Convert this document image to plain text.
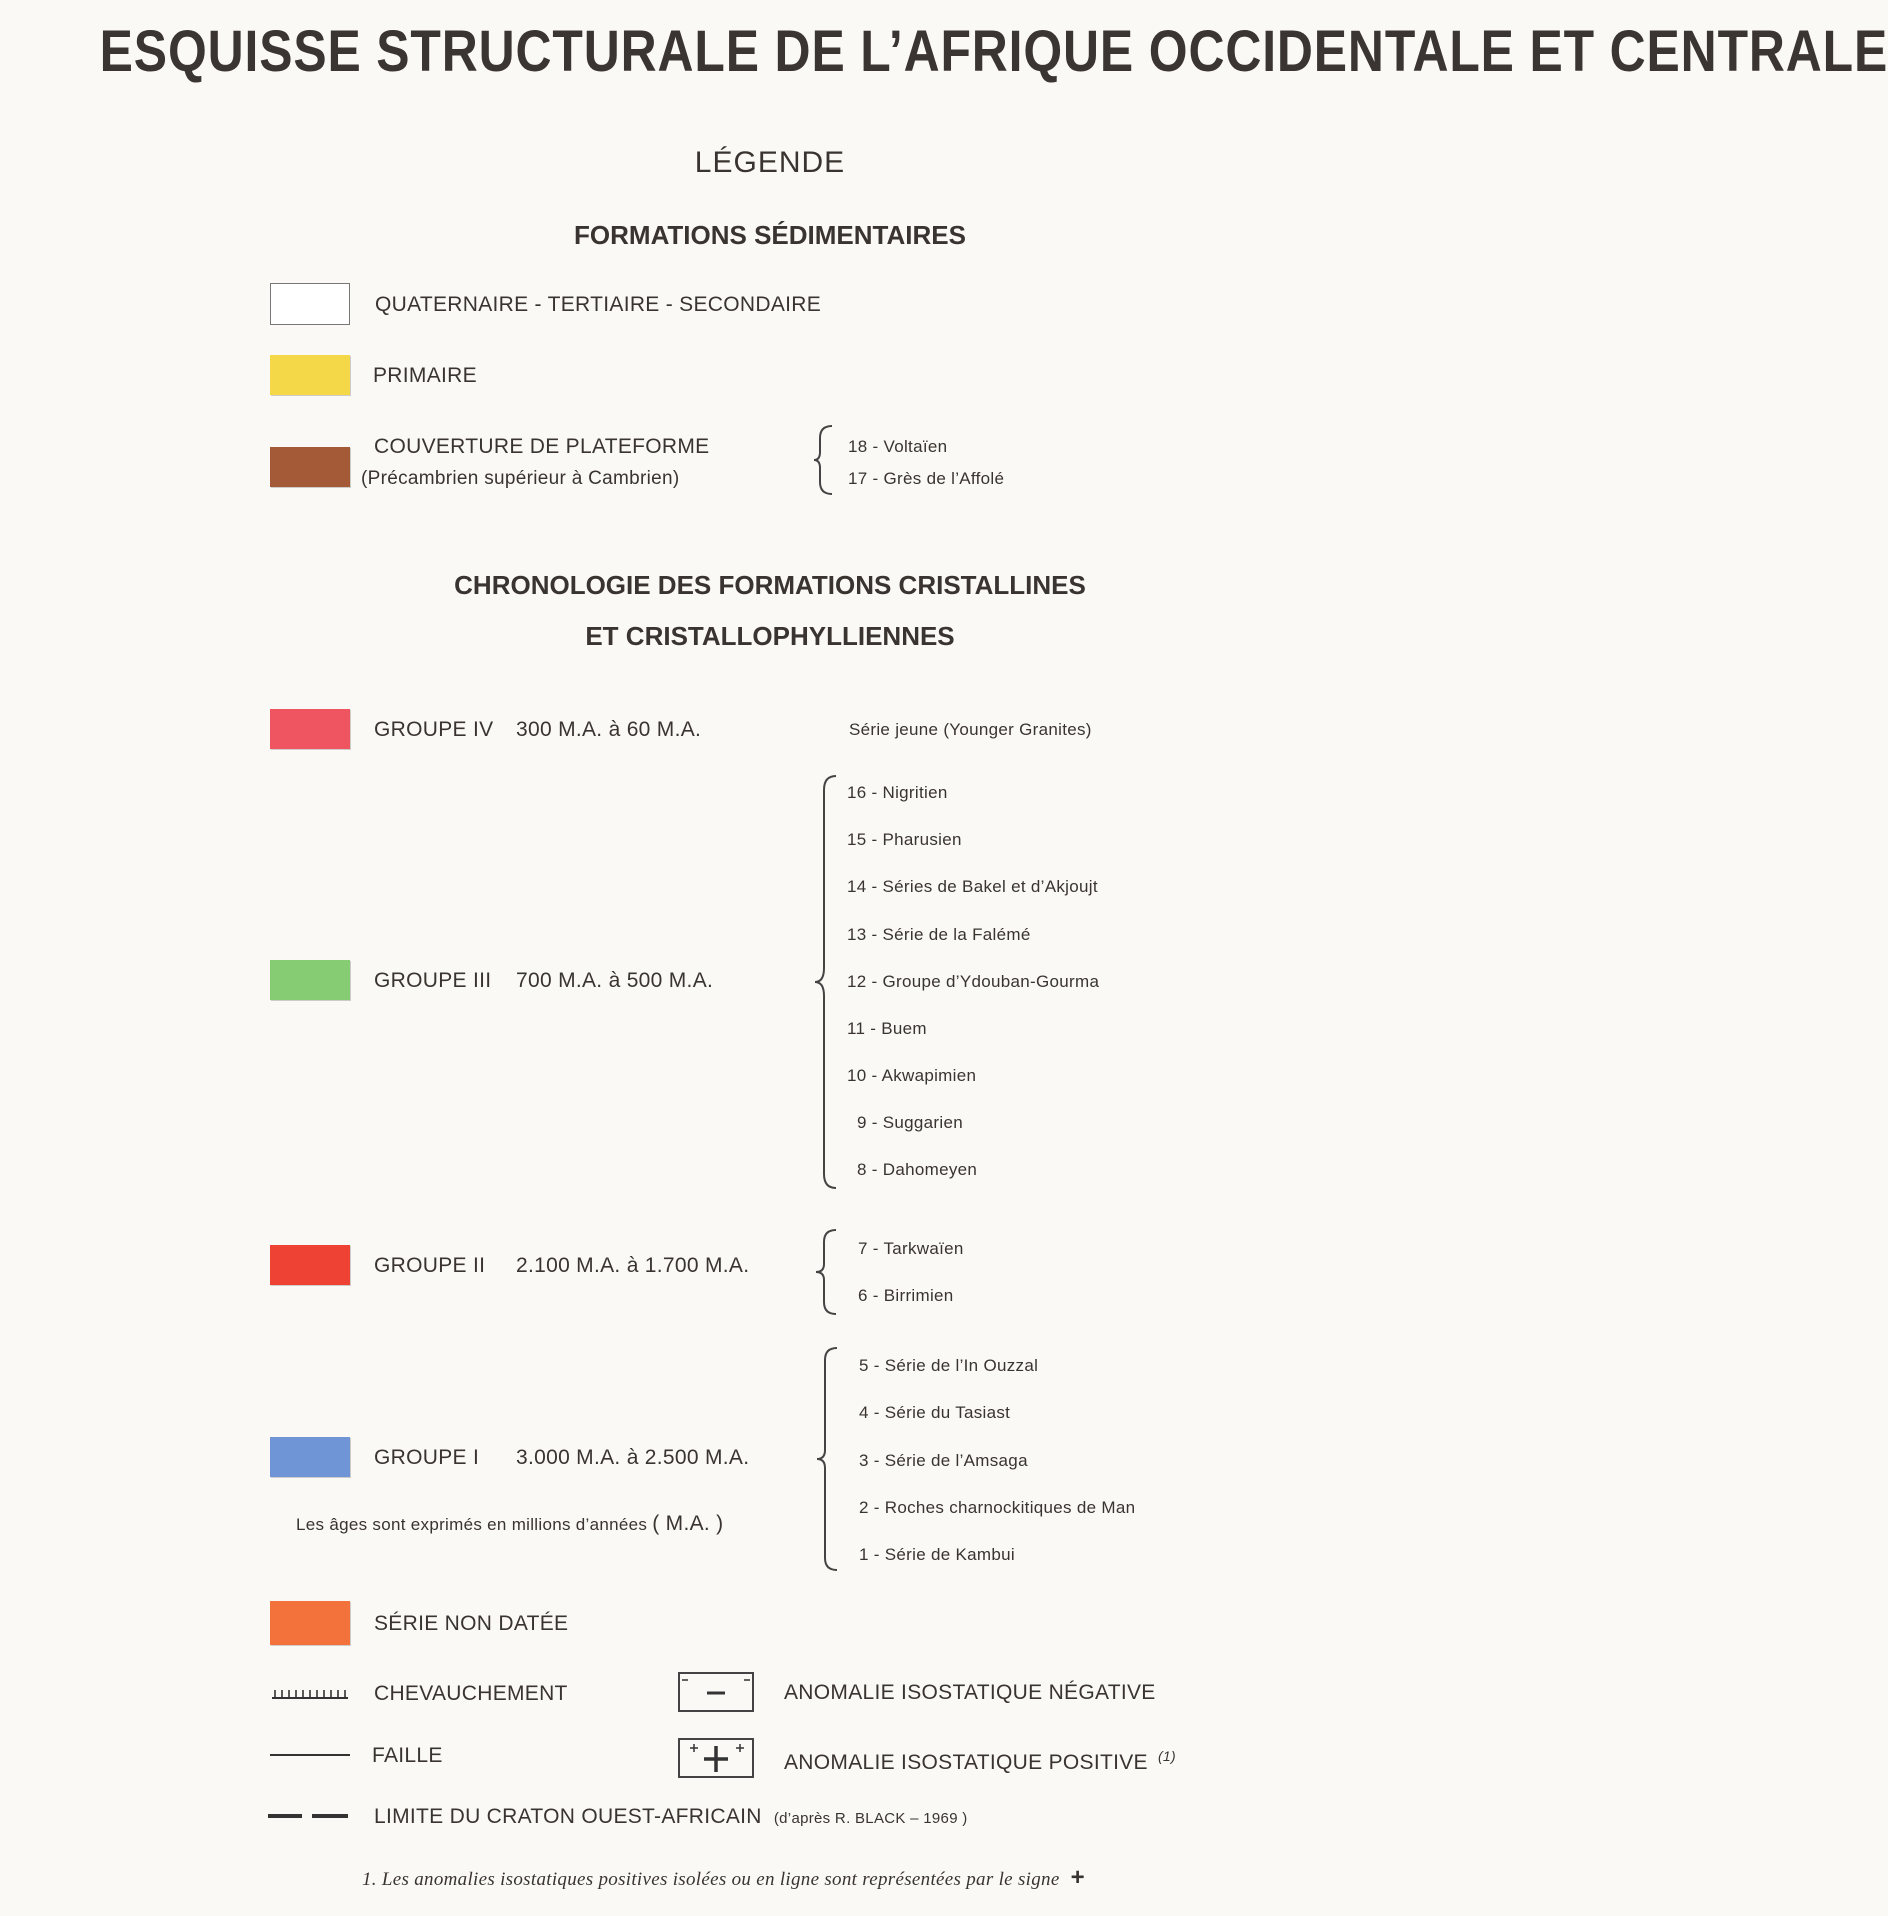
ESQUISSE STRUCTURALE DE L’AFRIQUE OCCIDENTALE ET CENTRALE
LÉGENDE
FORMATIONS SÉDIMENTAIRES
QUATERNAIRE - TERTIAIRE - SECONDAIRE
PRIMAIRE
COUVERTURE DE PLATEFORME
(Précambrien supérieur à Cambrien)
18 - Voltaïen
17 - Grès de l’Affolé
CHRONOLOGIE DES FORMATIONS CRISTALLINES
ET CRISTALLOPHYLLIENNES
GROUPE IV 300 M.A. à 60 M.A.	Série jeune (Younger Granites)
GROUPE III 700 M.A. à 500 M.A.
16 - Nigritien
15 - Pharusien
14 - Séries de Bakel et d’Akjoujt
13 - Série de la Falémé
12 - Groupe d’Ydouban-Gourma
11 - Buem
10 - Akwapimien
9 - Suggarien
8 - Dahomeyen
GROUPE II 2.100 M.A. à 1.700 M.A.
7 - Tarkwaïen
6 - Birrimien
GROUPE I 3.000 M.A. à 2.500 M.A.
5 - Série de l’In Ouzzal
4 - Série du Tasiast
3 - Série de l’Amsaga
2 - Roches charnockitiques de Man
1 - Série de Kambui
Les âges sont exprimés en millions d’années ( M.A. )
SÉRIE NON DATÉE
CHEVAUCHEMENT
FAILLE
LIMITE DU CRATON OUEST-AFRICAIN (d’après R. BLACK – 1969 )
ANOMALIE ISOSTATIQUE NÉGATIVE
ANOMALIE ISOSTATIQUE POSITIVE $^{(1)}$
1. Les anomalies isostatiques positives isolées ou en ligne sont représentées par le signe +
